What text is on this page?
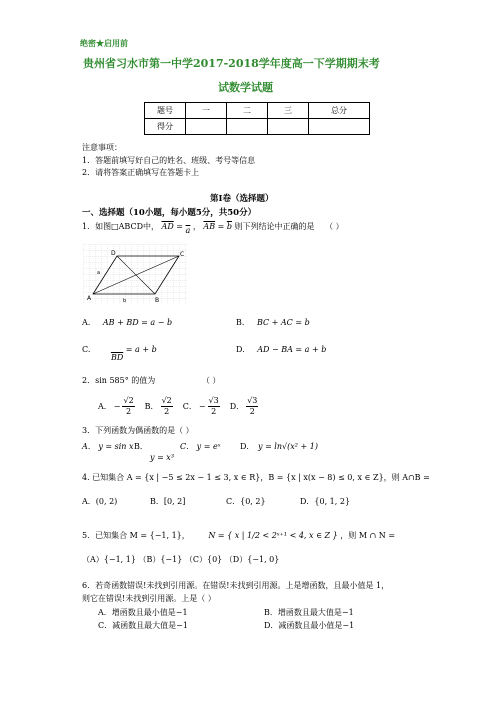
绝密★启用前
贵州省习水市第一中学2017-2018学年度高一下学期期末考
试数学试题
题号	一	二	三	总分
得分				
注意事项：
1．答题前填写好自己的姓名、班级、考号等信息
2．请将答案正确填写在答题卡上
第I卷（选择题）
一、选择题（10小题，每小题5分，共50分）
1．如图□ABCD中， $\overline{AD} = \overline{a}$ ， $\overline{AB} = \overline{b}$ 则下列结论中正确的是 （ ）
A	B
C
D
b
a
A. AB + BD = a − b	B. BC + AC = b
C. $\overline{BD} = a + b$	D. AD − BA = a + b
2．sin 585° 的值为	（ ）
A． − $\frac{√2}{2}$ B． $\frac{√2}{2}$ C． − $\frac{√3}{2}$ D． $\frac{√3}{2}$
3．下列函数为偶函数的是（ ）
A． y = sin x B．
y = x³
C． y = eˣ D． y = ln√(x² + 1)
4. 已知集合 A = {x | −5 ≤ 2x − 1 ≤ 3, x ∈ R}，B = {x | x(x − 8) ≤ 0, x ∈ Z}，则 A∩B =
A．(0, 2)	B．[0, 2]	C．{0, 2}	D．{0, 1, 2}
5．已知集合 M = {−1, 1}， N = { x | 1/2 < 2ˣ⁺¹ < 4, x ∈ Z } ，则 M ∩ N =
（A）{−1, 1} （B）{−1} （C）{0} （D）{−1, 0}
6．若奇函数错误!未找到引用源。在错误!未找到引用源。上是增函数，且最小值是 1，
则它在错误!未找到引用源。上是（ ）
A．增函数且最小值是−1	B．增函数且最大值是−1
C．减函数且最大值是−1	D．减函数且最小值是−1
